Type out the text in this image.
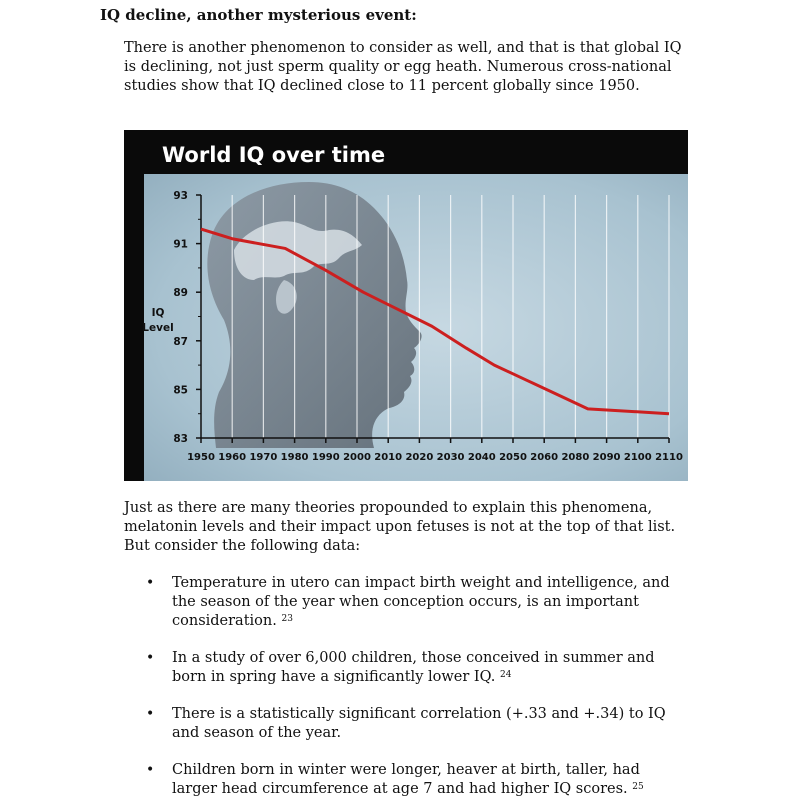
IQ decline, another mysterious event:

There is another phenomenon to consider as well, and that is that global IQ is declining, not just sperm quality or egg heath. Numerous cross-national studies show that IQ declined close to 11 percent globally since 1950.

93
91
89
87
85
83
1950 1960 1970 1980 1990 2000 2010 2020 2030 2040 2050 2060 2080 2090 2100 2110
World IQ over time
IQ
Level

Just as there are many theories propounded to explain this phenomena, melatonin levels and their impact upon fetuses is not at the top of that list. But consider the following data:

• Temperature in utero can impact birth weight and intelligence, and the season of the year when conception occurs, is an important consideration. $^{23}$
• In a study of over 6,000 children, those conceived in summer and born in spring have a significantly lower IQ. $^{24}$
• There is a statistically significant correlation (+.33 and +.34) to IQ and season of the year.
• Children born in winter were longer, heaver at birth, taller, had larger head circumference at age 7 and had higher IQ scores. $^{25}$
